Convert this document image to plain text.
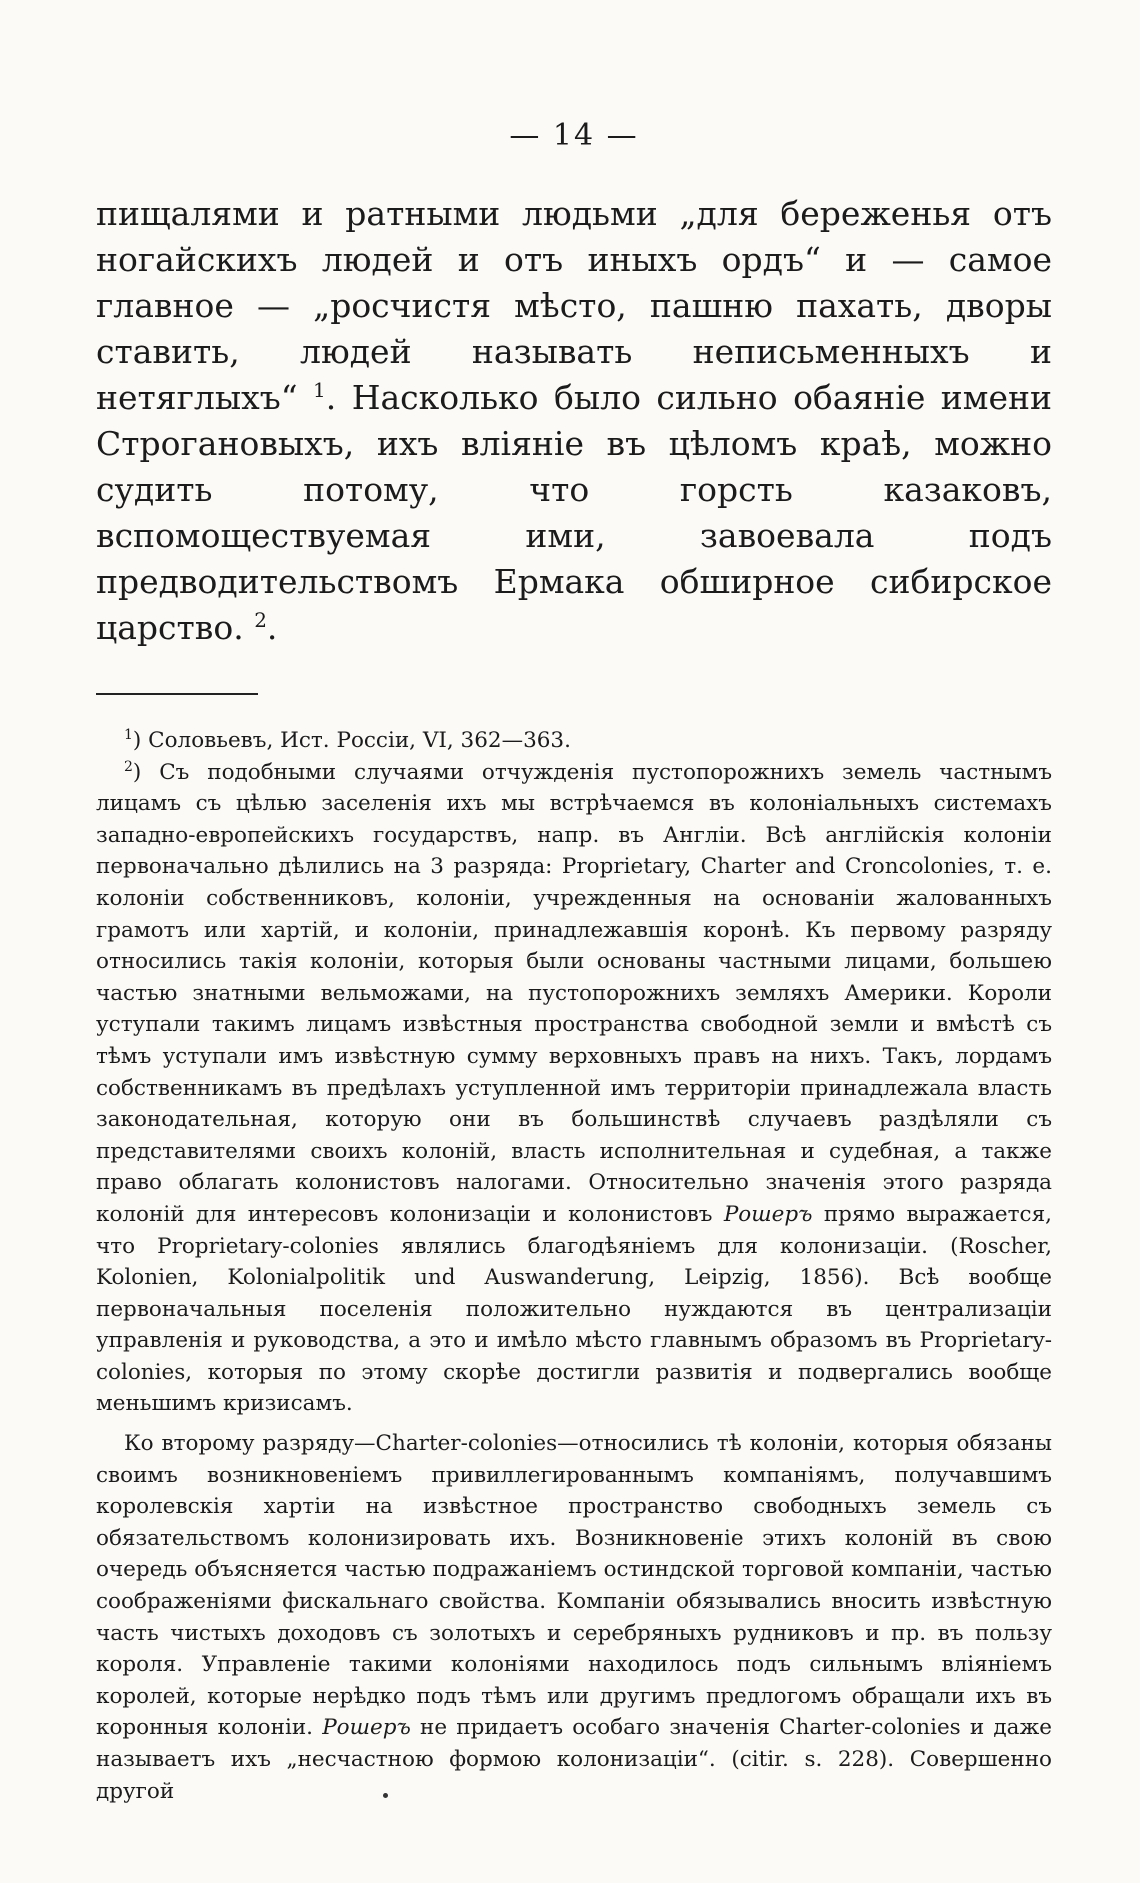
— 14 —

пищалями и ратными людьми „для береженья отъ ногайскихъ людей и отъ иныхъ ордъ“ и — самое главное — „росчистя мѣсто, пашню пахать, дворы ставить, людей называть неписьменныхъ и нетяглыхъ“ $^1$. Насколько было сильно обаяніе имени Строгановыхъ, ихъ вліяніе въ цѣломъ краѣ, можно судить потому, что горсть казаковъ, вспомоществуемая ими, завоевала подъ предводительствомъ Ермака обширное сибирское царство. $^2$.

$^1$) Соловьевъ, Ист. Россіи, VI, 362—363.

$^2$) Съ подобными случаями отчужденія пустопорожнихъ земель частнымъ лицамъ съ цѣлью заселенія ихъ мы встрѣчаемся въ колоніальныхъ системахъ западно-европейскихъ государствъ, напр. въ Англіи. Всѣ англійскія колоніи первоначально дѣлились на 3 разряда: Proprietary, Charter and Croncolonies, т. е. колоніи собственниковъ, колоніи, учрежденныя на основаніи жалованныхъ грамотъ или хартій, и колоніи, принадлежавшія коронѣ. Къ первому разряду относились такія колоніи, которыя были основаны частными лицами, большею частью знатными вельможами, на пустопорожнихъ земляхъ Америки. Короли уступали такимъ лицамъ извѣстныя пространства свободной земли и вмѣстѣ съ тѣмъ уступали имъ извѣстную сумму верховныхъ правъ на нихъ. Такъ, лордамъ собственникамъ въ предѣлахъ уступленной имъ территоріи принадлежала власть законодательная, которую они въ большинствѣ случаевъ раздѣляли съ представителями своихъ колоній, власть исполнительная и судебная, а также право облагать колонистовъ налогами. Относительно значенія этого разряда колоній для интересовъ колонизаціи и колонистовъ Рошеръ прямо выражается, что Proprietary-colonies являлись благодѣяніемъ для колонизаціи. (Roscher, Kolonien, Kolonialpolitik und Auswanderung, Leipzig, 1856). Всѣ вообще первоначальныя поселенія положительно нуждаются въ централизаціи управленія и руководства, а это и имѣло мѣсто главнымъ образомъ въ Proprietary-colonies, которыя по этому скорѣе достигли развитія и подвергались вообще меньшимъ кризисамъ.

Ко второму разряду—Charter-colonies—относились тѣ колоніи, которыя обязаны своимъ возникновеніемъ привиллегированнымъ компаніямъ, получавшимъ королевскія хартіи на извѣстное пространство свободныхъ земель съ обязательствомъ колонизировать ихъ. Возникновеніе этихъ колоній въ свою очередь объясняется частью подражаніемъ остиндской торговой компаніи, частью соображеніями фискальнаго свойства. Компаніи обязывались вносить извѣстную часть чистыхъ доходовъ съ золотыхъ и серебряныхъ рудниковъ и пр. въ пользу короля. Управленіе такими колоніями находилось подъ сильнымъ вліяніемъ королей, которые нерѣдко подъ тѣмъ или другимъ предлогомъ обращали ихъ въ коронныя колоніи. Рошеръ не придаетъ особаго значенія Charter-colonies и даже называетъ ихъ „несчастною формою колонизаціи“. (citir. s. 228). Совершенно другой
